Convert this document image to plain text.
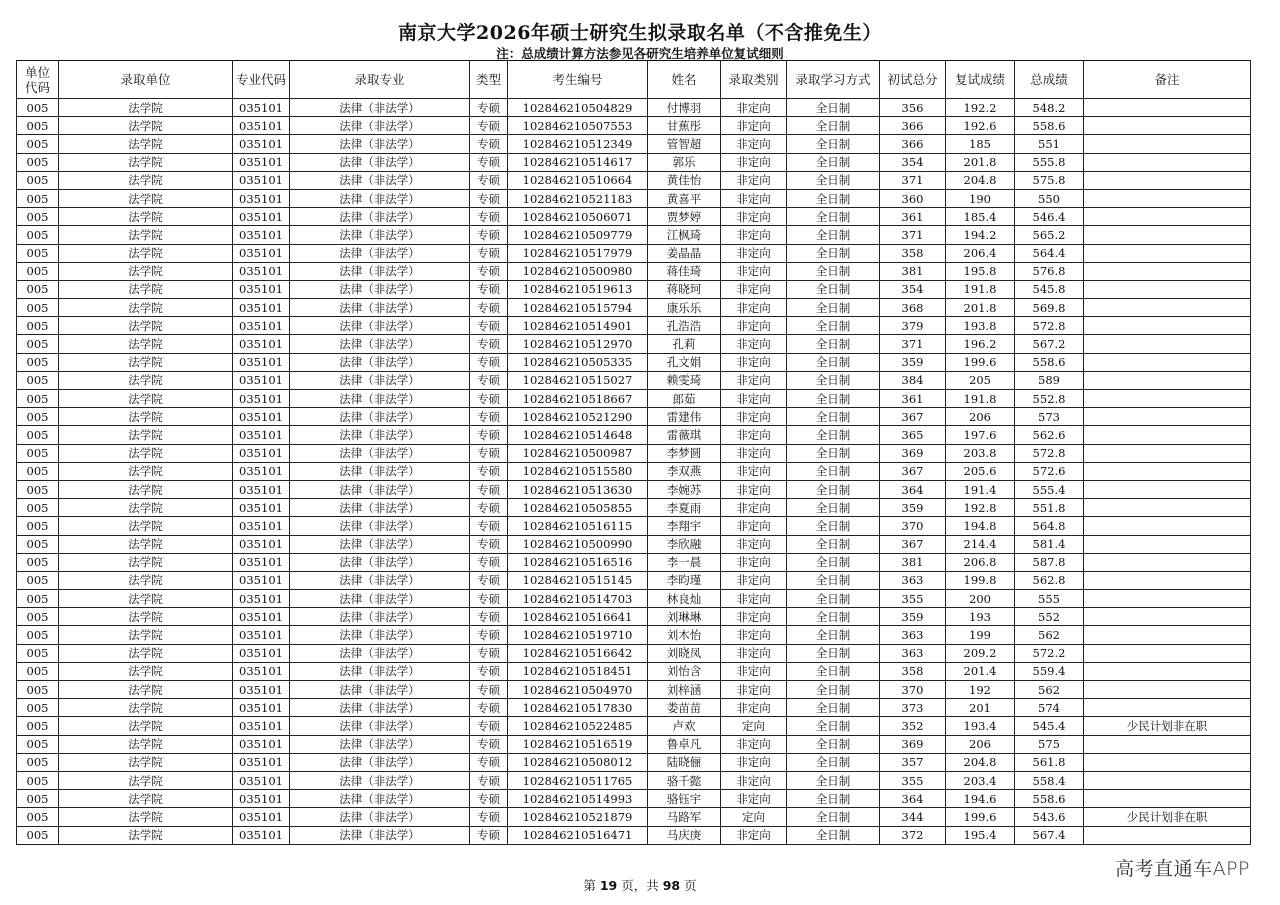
南京大学2026年硕士研究生拟录取名单（不含推免生）
注：总成绩计算方法参见各研究生培养单位复试细则
单位代码	录取单位	专业代码	录取专业	类型	考生编号	姓名	录取类别	录取学习方式	初试总分	复试成绩	总成绩	备注
005	法学院	035101	法律（非法学）	专硕	102846210504829	付博羽	非定向	全日制	356	192.2	548.2	
005	法学院	035101	法律（非法学）	专硕	102846210507553	甘蕉彤	非定向	全日制	366	192.6	558.6	
005	法学院	035101	法律（非法学）	专硕	102846210512349	管智超	非定向	全日制	366	185	551	
005	法学院	035101	法律（非法学）	专硕	102846210514617	郭乐	非定向	全日制	354	201.8	555.8	
005	法学院	035101	法律（非法学）	专硕	102846210510664	黄佳怡	非定向	全日制	371	204.8	575.8	
005	法学院	035101	法律（非法学）	专硕	102846210521183	黄喜平	非定向	全日制	360	190	550	
005	法学院	035101	法律（非法学）	专硕	102846210506071	贾梦婷	非定向	全日制	361	185.4	546.4	
005	法学院	035101	法律（非法学）	专硕	102846210509779	江枫琦	非定向	全日制	371	194.2	565.2	
005	法学院	035101	法律（非法学）	专硕	102846210517979	姜晶晶	非定向	全日制	358	206.4	564.4	
005	法学院	035101	法律（非法学）	专硕	102846210500980	蒋佳琦	非定向	全日制	381	195.8	576.8	
005	法学院	035101	法律（非法学）	专硕	102846210519613	蒋晓珂	非定向	全日制	354	191.8	545.8	
005	法学院	035101	法律（非法学）	专硕	102846210515794	康乐乐	非定向	全日制	368	201.8	569.8	
005	法学院	035101	法律（非法学）	专硕	102846210514901	孔浩浩	非定向	全日制	379	193.8	572.8	
005	法学院	035101	法律（非法学）	专硕	102846210512970	孔莉	非定向	全日制	371	196.2	567.2	
005	法学院	035101	法律（非法学）	专硕	102846210505335	孔文娟	非定向	全日制	359	199.6	558.6	
005	法学院	035101	法律（非法学）	专硕	102846210515027	赖雯琦	非定向	全日制	384	205	589	
005	法学院	035101	法律（非法学）	专硕	102846210518667	郎茹	非定向	全日制	361	191.8	552.8	
005	法学院	035101	法律（非法学）	专硕	102846210521290	雷建伟	非定向	全日制	367	206	573	
005	法学院	035101	法律（非法学）	专硕	102846210514648	雷薇琪	非定向	全日制	365	197.6	562.6	
005	法学院	035101	法律（非法学）	专硕	102846210500987	李梦圆	非定向	全日制	369	203.8	572.8	
005	法学院	035101	法律（非法学）	专硕	102846210515580	李双燕	非定向	全日制	367	205.6	572.6	
005	法学院	035101	法律（非法学）	专硕	102846210513630	李婉苏	非定向	全日制	364	191.4	555.4	
005	法学院	035101	法律（非法学）	专硕	102846210505855	李夏雨	非定向	全日制	359	192.8	551.8	
005	法学院	035101	法律（非法学）	专硕	102846210516115	李翔宇	非定向	全日制	370	194.8	564.8	
005	法学院	035101	法律（非法学）	专硕	102846210500990	李欣融	非定向	全日制	367	214.4	581.4	
005	法学院	035101	法律（非法学）	专硕	102846210516516	李一晨	非定向	全日制	381	206.8	587.8	
005	法学院	035101	法律（非法学）	专硕	102846210515145	李昀瑾	非定向	全日制	363	199.8	562.8	
005	法学院	035101	法律（非法学）	专硕	102846210514703	林良灿	非定向	全日制	355	200	555	
005	法学院	035101	法律（非法学）	专硕	102846210516641	刘琳琳	非定向	全日制	359	193	552	
005	法学院	035101	法律（非法学）	专硕	102846210519710	刘木怡	非定向	全日制	363	199	562	
005	法学院	035101	法律（非法学）	专硕	102846210516642	刘晓凤	非定向	全日制	363	209.2	572.2	
005	法学院	035101	法律（非法学）	专硕	102846210518451	刘怡含	非定向	全日制	358	201.4	559.4	
005	法学院	035101	法律（非法学）	专硕	102846210504970	刘梓涵	非定向	全日制	370	192	562	
005	法学院	035101	法律（非法学）	专硕	102846210517830	娄苗苗	非定向	全日制	373	201	574	
005	法学院	035101	法律（非法学）	专硕	102846210522485	卢欢	定向	全日制	352	193.4	545.4	少民计划非在职
005	法学院	035101	法律（非法学）	专硕	102846210516519	鲁卓凡	非定向	全日制	369	206	575	
005	法学院	035101	法律（非法学）	专硕	102846210508012	陆晓俪	非定向	全日制	357	204.8	561.8	
005	法学院	035101	法律（非法学）	专硕	102846210511765	骆千懿	非定向	全日制	355	203.4	558.4	
005	法学院	035101	法律（非法学）	专硕	102846210514993	骆钰宇	非定向	全日制	364	194.6	558.6	
005	法学院	035101	法律（非法学）	专硕	102846210521879	马路军	定向	全日制	344	199.6	543.6	少民计划非在职
005	法学院	035101	法律（非法学）	专硕	102846210516471	马庆庚	非定向	全日制	372	195.4	567.4	
第 19 页，共 98 页
高考直通车APP
